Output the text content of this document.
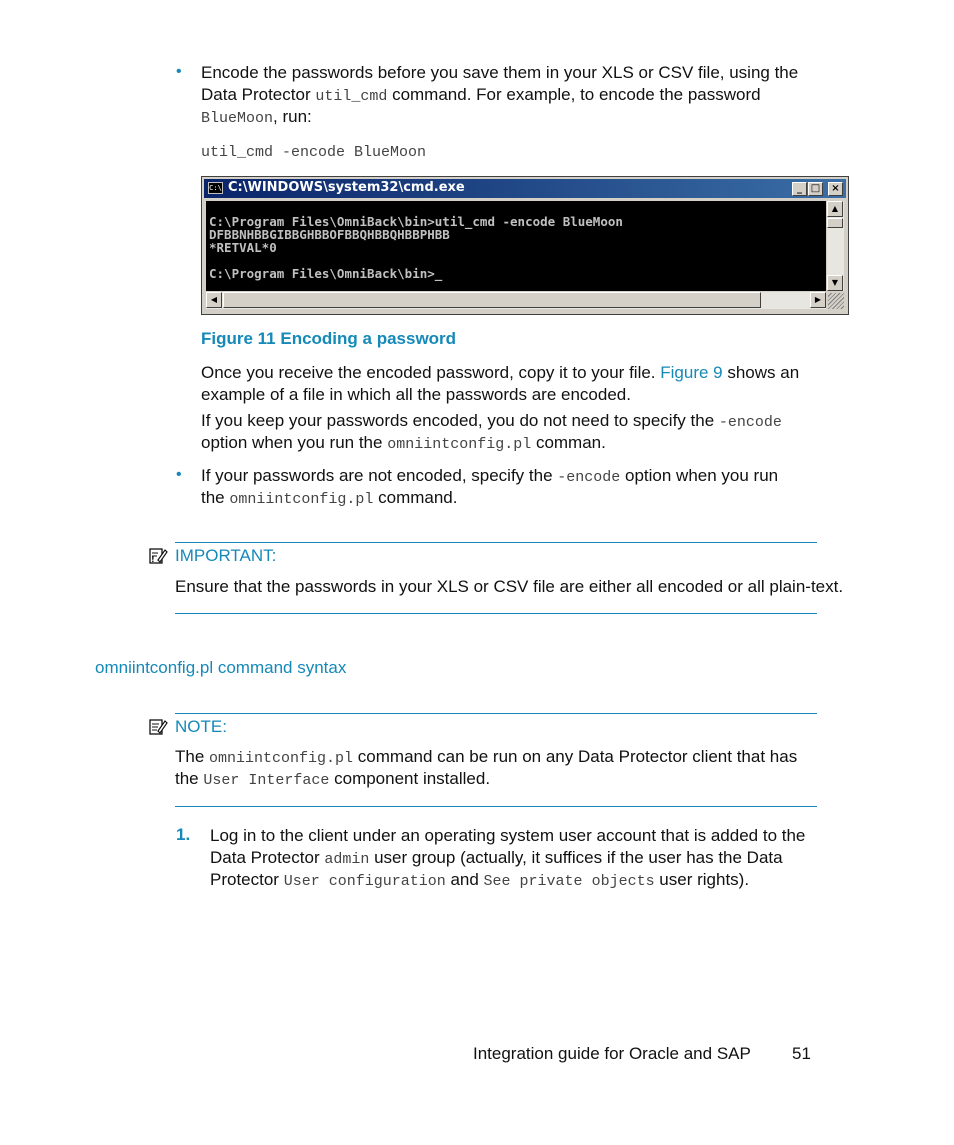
• Encode the passwords before you save them in your XLS or CSV file, using the
Data Protector util_cmd command. For example, to encode the password
BlueMoon, run:
util_cmd -encode BlueMoon
C:\ C:\WINDOWS\system32\cmd.exe	_ □	×
C:\Program Files\OmniBack\bin>util_cmd -encode BlueMoon
DFBBNHBBGIBBGHBBOFBBQHBBQHBBPHBB
*RETVAL*0
C:\Program Files\OmniBack\bin>_
▲
▼
◀	▶
Figure 11 Encoding a password
Once you receive the encoded password, copy it to your file. Figure 9 shows an
example of a file in which all the passwords are encoded.
If you keep your passwords encoded, you do not need to specify the -encode
option when you run the omniintconfig.pl comman.
• If your passwords are not encoded, specify the -encode option when you run
the omniintconfig.pl command.
! IMPORTANT:
Ensure that the passwords in your XLS or CSV file are either all encoded or all plain-text.
omniintconfig.pl command syntax
NOTE:
The omniintconfig.pl command can be run on any Data Protector client that has
the User Interface component installed.
1. Log in to the client under an operating system user account that is added to the
Data Protector admin user group (actually, it suffices if the user has the Data
Protector User configuration and See private objects user rights).
Integration guide for Oracle and SAP 51
